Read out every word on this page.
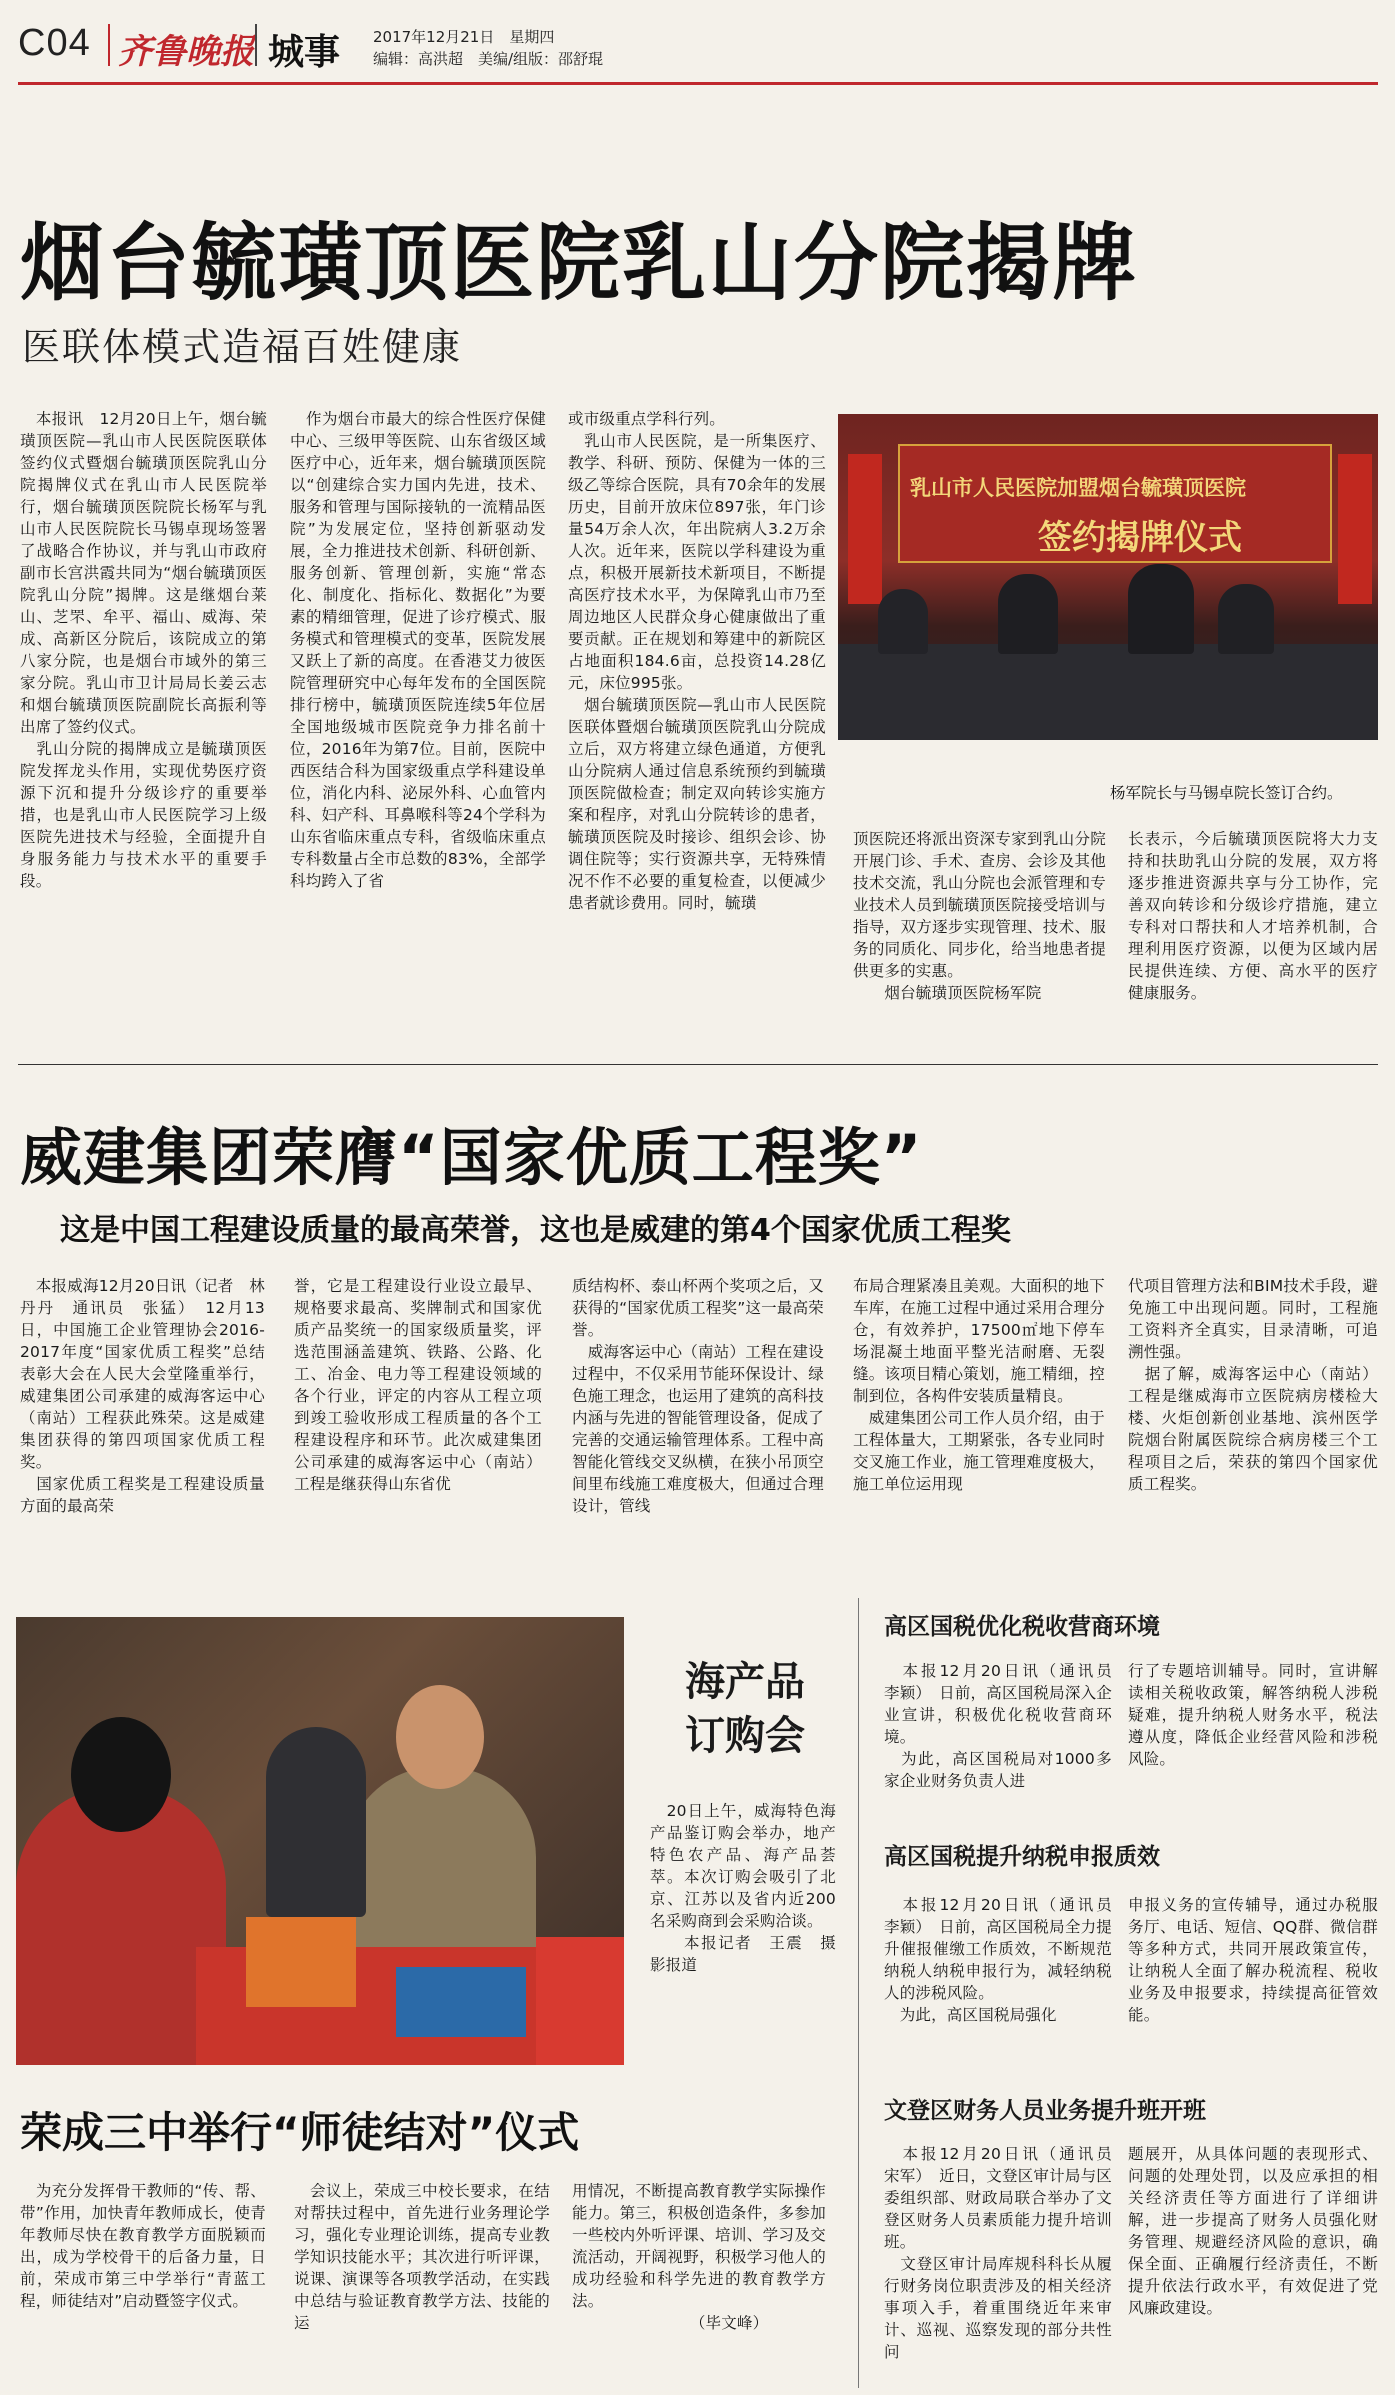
C04 齐鲁晚报 城事 2017年12月21日　星期四
编辑：高洪超　美编/组版：邵舒琨
烟台毓璜顶医院乳山分院揭牌
医联体模式造福百姓健康
　本报讯　12月20日上午，烟台毓璜顶医院—乳山市人民医院医联体签约仪式暨烟台毓璜顶医院乳山分院揭牌仪式在乳山市人民医院举行，烟台毓璜顶医院院长杨军与乳山市人民医院院长马锡卓现场签署了战略合作协议，并与乳山市政府副市长宫洪霞共同为“烟台毓璜顶医院乳山分院”揭牌。这是继烟台莱山、芝罘、牟平、福山、威海、荣成、高新区分院后，该院成立的第八家分院，也是烟台市域外的第三家分院。乳山市卫计局局长姜云志和烟台毓璜顶医院副院长高振利等出席了签约仪式。
　乳山分院的揭牌成立是毓璜顶医院发挥龙头作用，实现优势医疗资源下沉和提升分级诊疗的重要举措，也是乳山市人民医院学习上级医院先进技术与经验，全面提升自身服务能力与技术水平的重要手段。
　作为烟台市最大的综合性医疗保健中心、三级甲等医院、山东省级区域医疗中心，近年来，烟台毓璜顶医院以“创建综合实力国内先进，技术、服务和管理与国际接轨的一流精品医院”为发展定位，坚持创新驱动发展，全力推进技术创新、科研创新、服务创新、管理创新，实施“常态化、制度化、指标化、数据化”为要素的精细管理，促进了诊疗模式、服务模式和管理模式的变革，医院发展又跃上了新的高度。在香港艾力彼医院管理研究中心每年发布的全国医院排行榜中，毓璜顶医院连续5年位居全国地级城市医院竞争力排名前十位，2016年为第7位。目前，医院中西医结合科为国家级重点学科建设单位，消化内科、泌尿外科、心血管内科、妇产科、耳鼻喉科等24个学科为山东省临床重点专科，省级临床重点专科数量占全市总数的83%，全部学科均跨入了省
或市级重点学科行列。
　乳山市人民医院，是一所集医疗、教学、科研、预防、保健为一体的三级乙等综合医院，具有70余年的发展历史，目前开放床位897张，年门诊量54万余人次，年出院病人3.2万余人次。近年来，医院以学科建设为重点，积极开展新技术新项目，不断提高医疗技术水平，为保障乳山市乃至周边地区人民群众身心健康做出了重要贡献。正在规划和筹建中的新院区占地面积184.6亩，总投资14.28亿元，床位995张。
　烟台毓璜顶医院—乳山市人民医院医联体暨烟台毓璜顶医院乳山分院成立后，双方将建立绿色通道，方便乳山分院病人通过信息系统预约到毓璜顶医院做检查；制定双向转诊实施方案和程序，对乳山分院转诊的患者，毓璜顶医院及时接诊、组织会诊、协调住院等；实行资源共享，无特殊情况不作不必要的重复检查，以便减少患者就诊费用。同时，毓璜
乳山市人民医院加盟烟台毓璜顶医院
签约揭牌仪式
杨军院长与马锡卓院长签订合约。
顶医院还将派出资深专家到乳山分院开展门诊、手术、查房、会诊及其他技术交流，乳山分院也会派管理和专业技术人员到毓璜顶医院接受培训与指导，双方逐步实现管理、技术、服务的同质化、同步化，给当地患者提供更多的实惠。
　　烟台毓璜顶医院杨军院
长表示，今后毓璜顶医院将大力支持和扶助乳山分院的发展，双方将逐步推进资源共享与分工协作，完善双向转诊和分级诊疗措施，建立专科对口帮扶和人才培养机制，合理利用医疗资源，以便为区域内居民提供连续、方便、高水平的医疗健康服务。
威建集团荣膺“国家优质工程奖”
这是中国工程建设质量的最高荣誉，这也是威建的第4个国家优质工程奖
　本报威海12月20日讯（记者　林丹丹　通讯员　张猛）　12月13日，中国施工企业管理协会2016-2017年度“国家优质工程奖”总结表彰大会在人民大会堂隆重举行，威建集团公司承建的威海客运中心（南站）工程获此殊荣。这是威建集团获得的第四项国家优质工程奖。
　国家优质工程奖是工程建设质量方面的最高荣
誉，它是工程建设行业设立最早、规格要求最高、奖牌制式和国家优质产品奖统一的国家级质量奖，评选范围涵盖建筑、铁路、公路、化工、冶金、电力等工程建设领域的各个行业，评定的内容从工程立项到竣工验收形成工程质量的各个工程建设程序和环节。此次威建集团公司承建的威海客运中心（南站）工程是继获得山东省优
质结构杯、泰山杯两个奖项之后，又获得的“国家优质工程奖”这一最高荣誉。
　威海客运中心（南站）工程在建设过程中，不仅采用节能环保设计、绿色施工理念，也运用了建筑的高科技内涵与先进的智能管理设备，促成了完善的交通运输管理体系。工程中高智能化管线交叉纵横，在狭小吊顶空间里布线施工难度极大，但通过合理设计，管线
布局合理紧凑且美观。大面积的地下车库，在施工过程中通过采用合理分仓，有效养护，17500㎡地下停车场混凝土地面平整光洁耐磨、无裂缝。该项目精心策划，施工精细，控制到位，各构件安装质量精良。
　威建集团公司工作人员介绍，由于工程体量大，工期紧张，各专业同时交叉施工作业，施工管理难度极大，施工单位运用现
代项目管理方法和BIM技术手段，避免施工中出现问题。同时，工程施工资料齐全真实，目录清晰，可追溯性强。
　据了解，威海客运中心（南站）工程是继威海市立医院病房楼检大楼、火炬创新创业基地、滨州医学院烟台附属医院综合病房楼三个工程项目之后，荣获的第四个国家优质工程奖。
海产品
订购会
　20日上午，威海特色海产品鉴订购会举办，地产特色农产品、海产品荟萃。本次订购会吸引了北京、江苏以及省内近200名采购商到会采购洽谈。
　　本报记者　王震　摄影报道
高区国税优化税收营商环境
　本报12月20日讯（通讯员　李颖）　日前，高区国税局深入企业宣讲，积极优化税收营商环境。
　为此，高区国税局对1000多家企业财务负责人进
行了专题培训辅导。同时，宣讲解读相关税收政策，解答纳税人涉税疑难，提升纳税人财务水平，税法遵从度，降低企业经营风险和涉税风险。
高区国税提升纳税申报质效
　本报12月20日讯（通讯员　李颖）　日前，高区国税局全力提升催报催缴工作质效，不断规范纳税人纳税申报行为，减轻纳税人的涉税风险。
　为此，高区国税局强化
申报义务的宣传辅导，通过办税服务厅、电话、短信、QQ群、微信群等多种方式，共同开展政策宣传，让纳税人全面了解办税流程、税收业务及申报要求，持续提高征管效能。
文登区财务人员业务提升班开班
　本报12月20日讯（通讯员　宋军）　近日，文登区审计局与区委组织部、财政局联合举办了文登区财务人员素质能力提升培训班。
　文登区审计局库规科科长从履行财务岗位职责涉及的相关经济事项入手，着重围绕近年来审计、巡视、巡察发现的部分共性问
题展开，从具体问题的表现形式、问题的处理处罚，以及应承担的相关经济责任等方面进行了详细讲解，进一步提高了财务人员强化财务管理、规避经济风险的意识，确保全面、正确履行经济责任，不断提升依法行政水平，有效促进了党风廉政建设。
荣成三中举行“师徒结对”仪式
　为充分发挥骨干教师的“传、帮、带”作用，加快青年教师成长，使青年教师尽快在教育教学方面脱颖而出，成为学校骨干的后备力量，日前，荣成市第三中学举行“青蓝工程，师徒结对”启动暨签字仪式。
　会议上，荣成三中校长要求，在结对帮扶过程中，首先进行业务理论学习，强化专业理论训练，提高专业教学知识技能水平；其次进行听评课，说课、演课等各项教学活动，在实践中总结与验证教育教学方法、技能的运
用情况，不断提高教育教学实际操作能力。第三，积极创造条件，多参加一些校内外听评课、培训、学习及交流活动，开阔视野，积极学习他人的成功经验和科学先进的教育教学方法。
　　　　　　　　（毕文峰）
